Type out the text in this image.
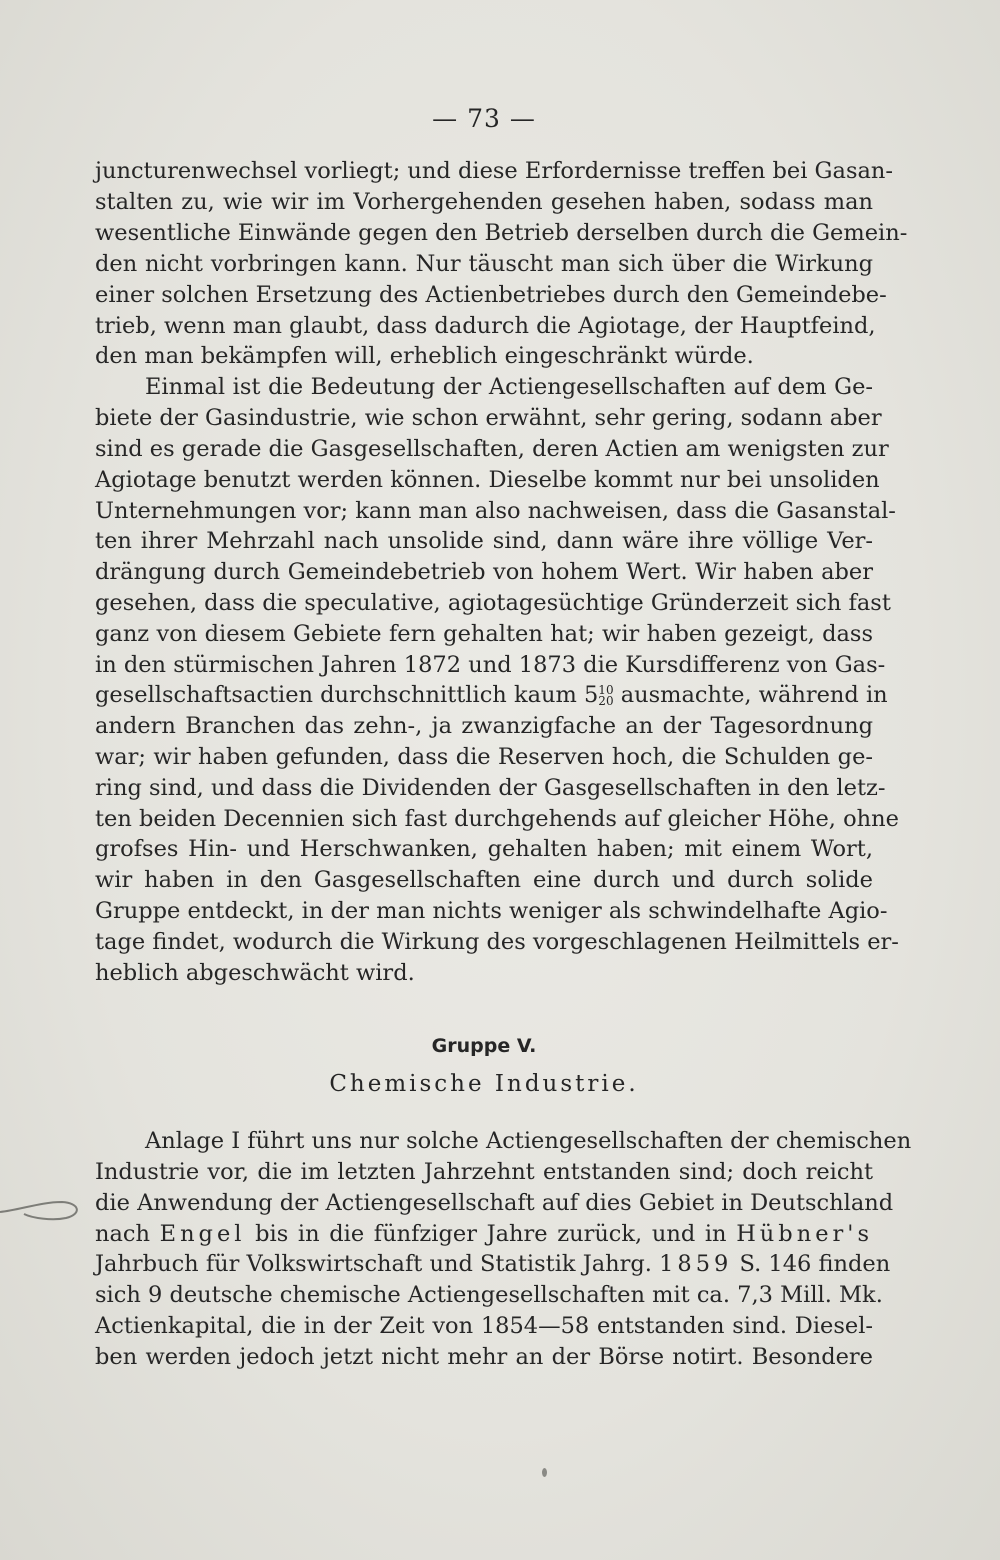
— 73 —
juncturenwechsel vorliegt; und diese Erfordernisse treffen bei Gasan-
stalten zu, wie wir im Vorhergehenden gesehen haben, sodass man
wesentliche Einwände gegen den Betrieb derselben durch die Gemein-
den nicht vorbringen kann. Nur täuscht man sich über die Wirkung
einer solchen Ersetzung des Actienbetriebes durch den Gemeindebe-
trieb, wenn man glaubt, dass dadurch die Agiotage, der Hauptfeind,
den man bekämpfen will, erheblich eingeschränkt würde.
Einmal ist die Bedeutung der Actiengesellschaften auf dem Ge-
biete der Gasindustrie, wie schon erwähnt, sehr gering, sodann aber
sind es gerade die Gasgesellschaften, deren Actien am wenigsten zur
Agiotage benutzt werden können. Dieselbe kommt nur bei unsoliden
Unternehmungen vor; kann man also nachweisen, dass die Gasanstal-
ten ihrer Mehrzahl nach unsolide sind, dann wäre ihre völlige Ver-
drängung durch Gemeindebetrieb von hohem Wert. Wir haben aber
gesehen, dass die speculative, agiotagesüchtige Gründerzeit sich fast
ganz von diesem Gebiete fern gehalten hat; wir haben gezeigt, dass
in den stürmischen Jahren 1872 und 1873 die Kursdifferenz von Gas-
gesellschaftsactien durchschnittlich kaum 5 1
2
0
0 ausmachte, während in
andern Branchen das zehn-, ja zwanzigfache an der Tagesordnung
war; wir haben gefunden, dass die Reserven hoch, die Schulden ge-
ring sind, und dass die Dividenden der Gasgesellschaften in den letz-
ten beiden Decennien sich fast durchgehends auf gleicher Höhe, ohne
grofses Hin- und Herschwanken, gehalten haben; mit einem Wort,
wir haben in den Gasgesellschaften eine durch und durch solide
Gruppe entdeckt, in der man nichts weniger als schwindelhafte Agio-
tage findet, wodurch die Wirkung des vorgeschlagenen Heilmittels er-
heblich abgeschwächt wird.
Gruppe V.
Chemische Industrie.
Anlage I führt uns nur solche Actiengesellschaften der chemischen
Industrie vor, die im letzten Jahrzehnt entstanden sind; doch reicht
die Anwendung der Actiengesellschaft auf dies Gebiet in Deutschland
nach Engel bis in die fünfziger Jahre zurück, und in Hübner's
Jahrbuch für Volkswirtschaft und Statistik Jahrg. 1859 S. 146 finden
sich 9 deutsche chemische Actiengesellschaften mit ca. 7,3 Mill. Mk.
Actienkapital, die in der Zeit von 1854—58 entstanden sind. Diesel-
ben werden jedoch jetzt nicht mehr an der Börse notirt. Besondere
